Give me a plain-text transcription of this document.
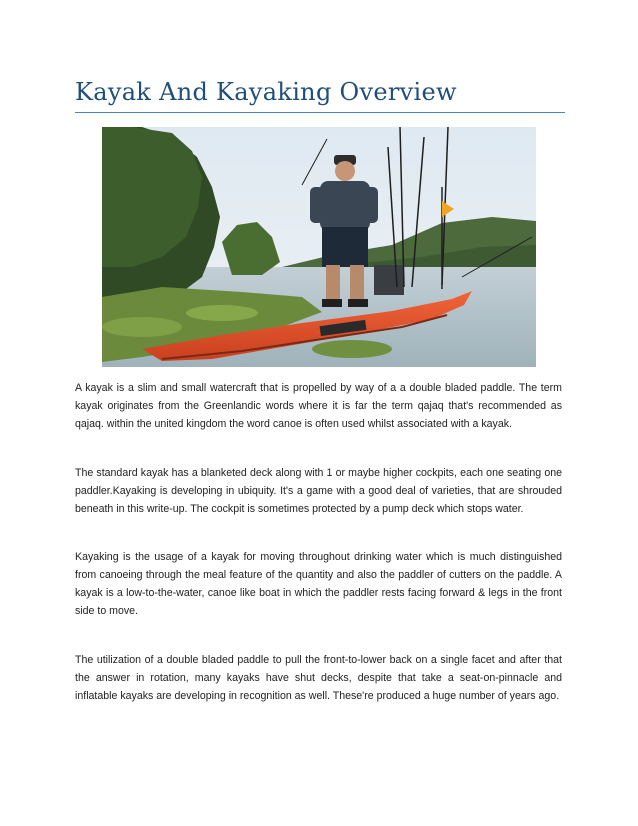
Kayak And Kayaking Overview

A kayak is a slim and small watercraft that is propelled by way of a a double bladed paddle. The term kayak originates from the Greenlandic words where it is far the term qajaq that's recommended as qajaq. within the united kingdom the word canoe is often used whilst associated with a kayak.

The standard kayak has a blanketed deck along with 1 or maybe higher cockpits, each one seating one paddler.Kayaking is developing in ubiquity. It's a game with a good deal of varieties, that are shrouded beneath in this write-up. The cockpit is sometimes protected by a pump deck which stops water.

Kayaking is the usage of a kayak for moving throughout drinking water which is much distinguished from canoeing through the meal feature of the quantity and also the paddler of cutters on the paddle. A kayak is a low-to-the-water, canoe like boat in which the paddler rests facing forward & legs in the front side to move.

The utilization of a double bladed paddle to pull the front-to-lower back on a single facet and after that the answer in rotation, many kayaks have shut decks, despite that take a seat-on-pinnacle and inflatable kayaks are developing in recognition as well. These're produced a huge number of years ago.
